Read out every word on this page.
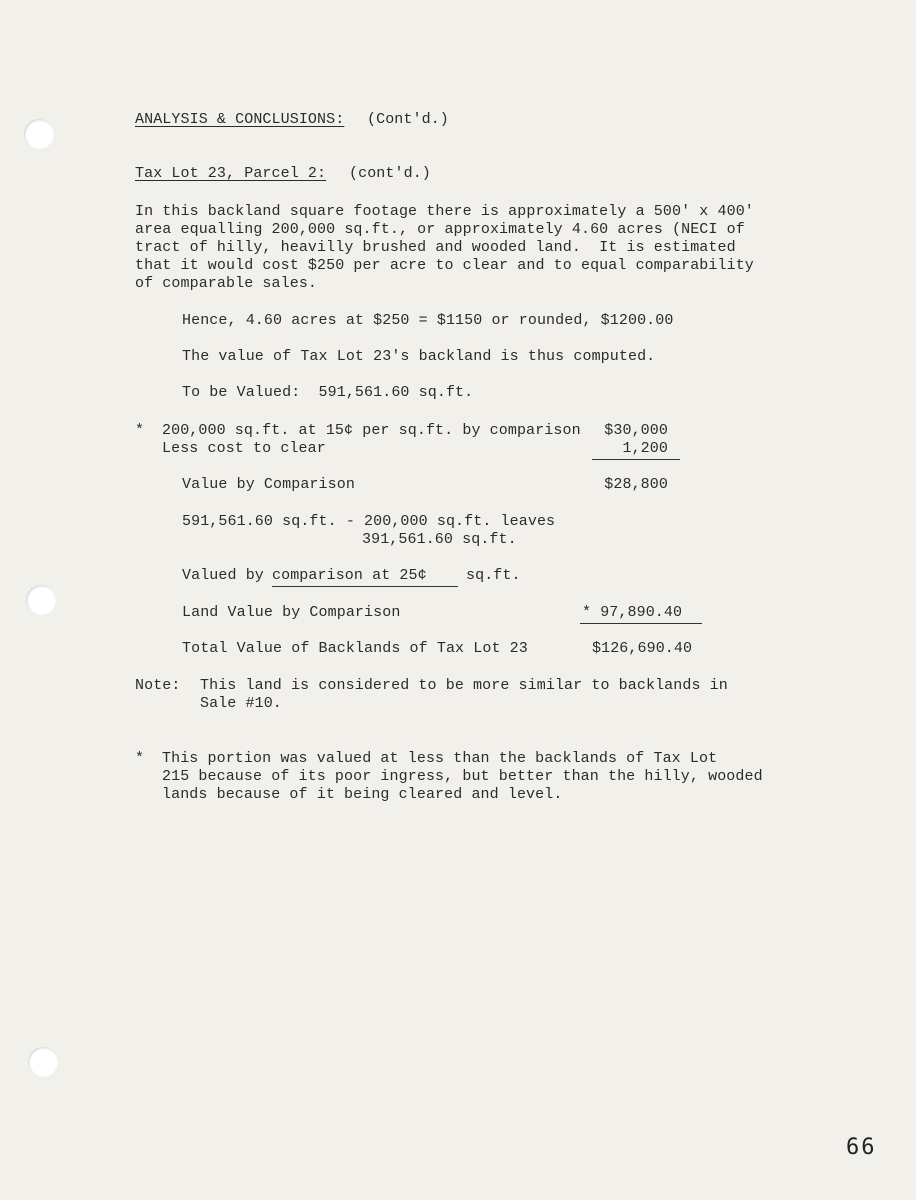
ANALYSIS & CONCLUSIONS: (Cont'd.)
Tax Lot 23, Parcel 2: (cont'd.)
In this backland square footage there is approximately a 500' x 400'
area equalling 200,000 sq.ft., or approximately 4.60 acres (NECI of
tract of hilly, heavilly brushed and wooded land.  It is estimated
that it would cost $250 per acre to clear and to equal comparability
of comparable sales.
Hence, 4.60 acres at $250 = $1150 or rounded, $1200.00
The value of Tax Lot 23's backland is thus computed.
To be Valued:  591,561.60 sq.ft.
* 200,000 sq.ft. at 15¢ per sq.ft. by comparison	$30,000
Less cost to clear	1,200
Value by Comparison	$28,800
591,561.60 sq.ft. - 200,000 sq.ft. leaves
391,561.60 sq.ft.
Valued by comparison at 25¢	sq.ft.
Land Value by Comparison	* 97,890.40
Total Value of Backlands of Tax Lot 23	$126,690.40
Note: This land is considered to be more similar to backlands in
Sale #10.
* This portion was valued at less than the backlands of Tax Lot
215 because of its poor ingress, but better than the hilly, wooded
lands because of it being cleared and level.
66
